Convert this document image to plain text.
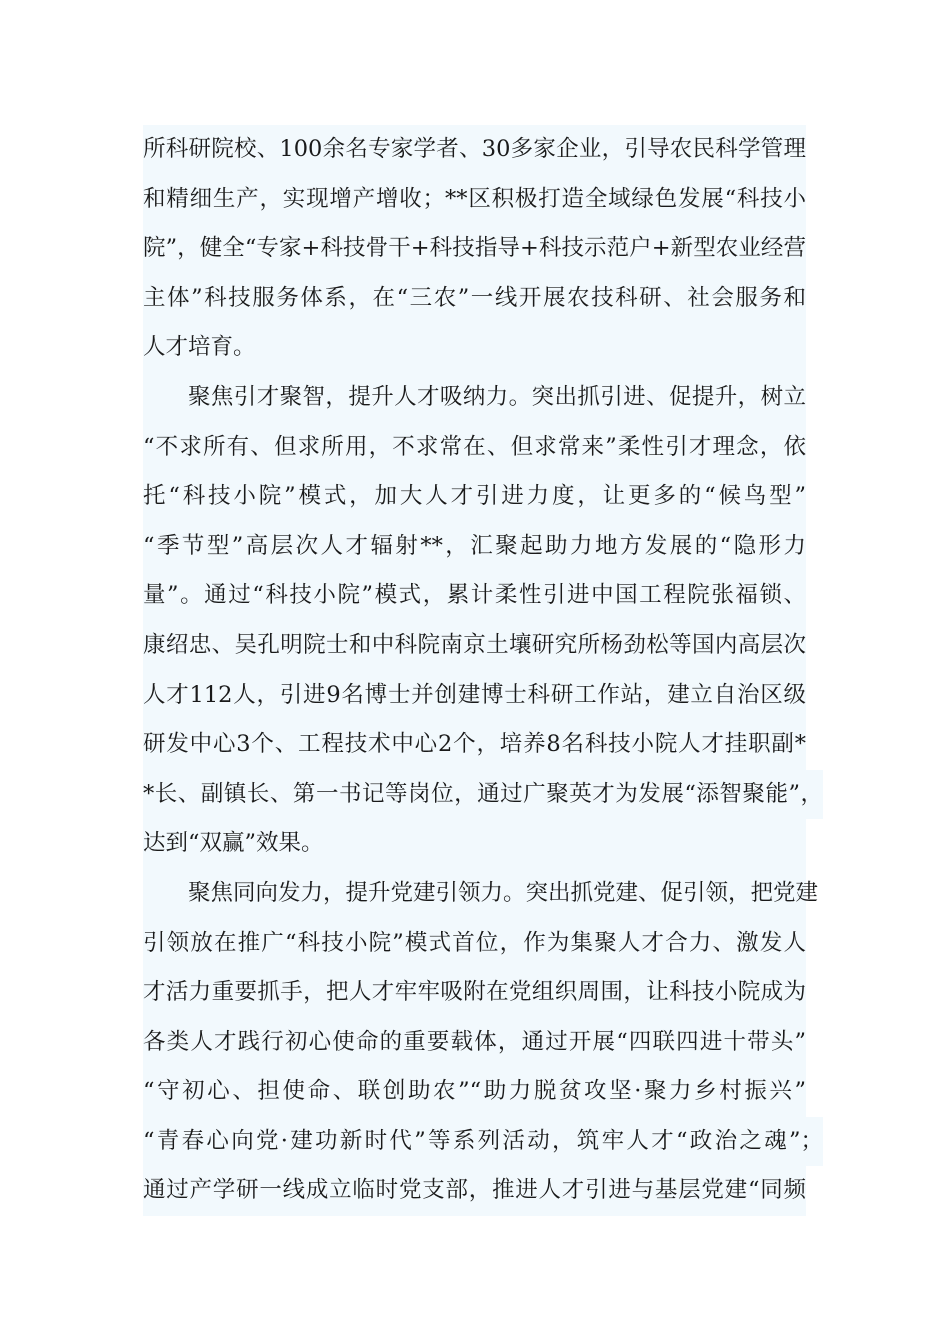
所科研院校、100余名专家学者、30多家企业，引导农民科学管理
和精细生产，实现增产增收；**区积极打造全域绿色发展“科技小
院”，健全“专家+科技骨干+科技指导+科技示范户+新型农业经营
主体”科技服务体系，在“三农”一线开展农技科研、社会服务和
人才培育。
聚焦引才聚智，提升人才吸纳力。突出抓引进、促提升，树立
“不求所有、但求所用，不求常在、但求常来”柔性引才理念，依
托“科技小院”模式，加大人才引进力度，让更多的“候鸟型”
“季节型”高层次人才辐射**，汇聚起助力地方发展的“隐形力
量”。通过“科技小院”模式，累计柔性引进中国工程院张福锁、
康绍忠、吴孔明院士和中科院南京土壤研究所杨劲松等国内高层次
人才112人，引进9名博士并创建博士科研工作站，建立自治区级
研发中心3个、工程技术中心2个，培养8名科技小院人才挂职副*
*长、副镇长、第一书记等岗位，通过广聚英才为发展“添智聚能”，
达到“双赢”效果。
聚焦同向发力，提升党建引领力。突出抓党建、促引领，把党建
引领放在推广“科技小院”模式首位，作为集聚人才合力、激发人
才活力重要抓手，把人才牢牢吸附在党组织周围，让科技小院成为
各类人才践行初心使命的重要载体，通过开展“四联四进十带头”
“守初心、担使命、联创助农”“助力脱贫攻坚·聚力乡村振兴”
“青春心向党·建功新时代”等系列活动，筑牢人才“政治之魂”；
通过产学研一线成立临时党支部，推进人才引进与基层党建“同频
